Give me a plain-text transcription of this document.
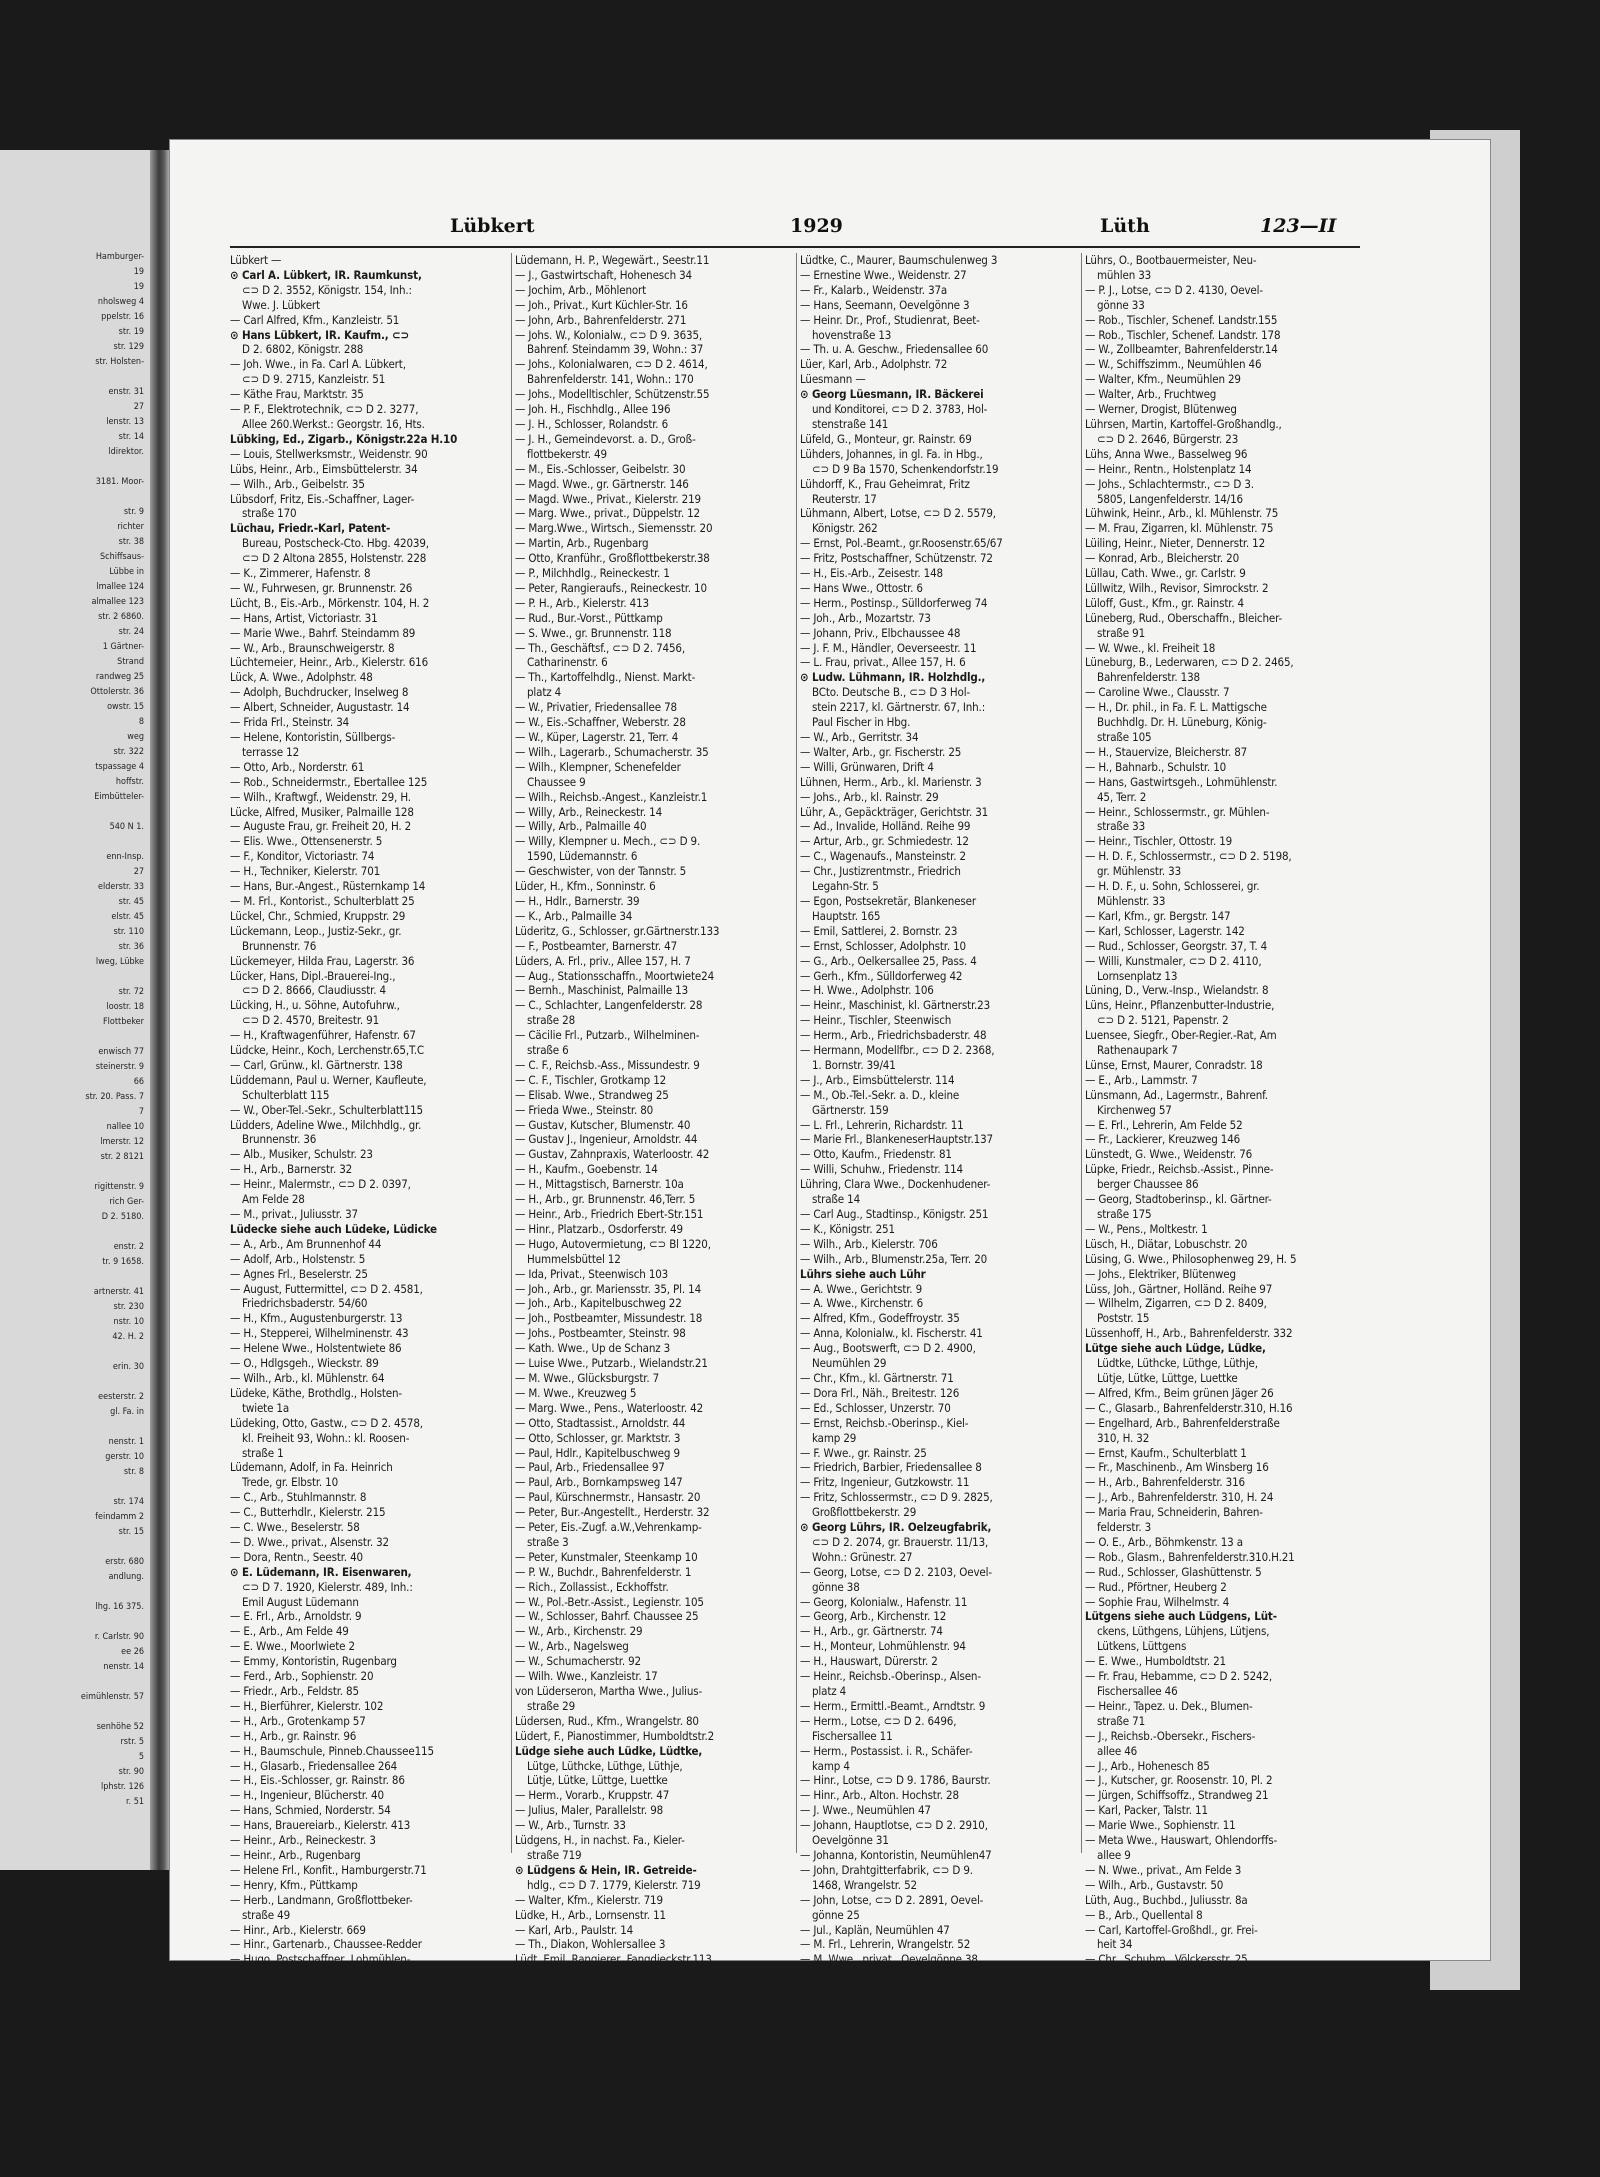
Hamburger-
19
19
nholsweg 4
ppelstr. 16
str. 19
str. 129
str. Holsten-

enstr. 31
27
lenstr. 13
str. 14
ldirektor.

3181. Moor-

str. 9
richter
str. 38
Schiffsaus-
Lübbe in
lmallee 124
almallee 123
str. 2 6860.
str. 24
1 Gärtner-
Strand
randweg 25
Ottolerstr. 36
owstr. 15
8
weg
str. 322
tspassage 4
hoffstr.
Eimbütteler-

540 N 1.

enn-Insp.
27
elderstr. 33
str. 45
elstr. 45
str. 110
str. 36
lweg, Lübke

str. 72
loostr. 18
Flottbeker

enwisch 77
steinerstr. 9
66
str. 20. Pass. 7
7
nallee 10
lmerstr. 12
str. 2 8121

rigittenstr. 9
rich Ger-
D 2. 5180.

enstr. 2
tr. 9 1658.

artnerstr. 41
str. 230
nstr. 10
42. H. 2

erin. 30

eesterstr. 2
gl. Fa. in

nenstr. 1
gerstr. 10
str. 8

str. 174
feindamm 2
str. 15

erstr. 680
andlung.

lhg. 16 375.

r. Carlstr. 90
ee 26
nenstr. 14

eimühlenstr. 57

senhöhe 52
rstr. 5
5
str. 90
lphstr. 126
r. 51
Lübkert	1929	Lüth	123—II
Lübkert —
⊙ Carl A. Lübkert, IR. Raumkunst,
⊂⊃ D 2. 3552, Königstr. 154, Inh.:
Wwe. J. Lübkert
— Carl Alfred, Kfm., Kanzleistr. 51
⊙ Hans Lübkert, IR. Kaufm., ⊂⊃
D 2. 6802, Königstr. 288
— Joh. Wwe., in Fa. Carl A. Lübkert,
⊂⊃ D 9. 2715, Kanzleistr. 51
— Käthe Frau, Marktstr. 35
— P. F., Elektrotechnik, ⊂⊃ D 2. 3277,
Allee 260.Werkst.: Georgstr. 16, Hts.
Lübking, Ed., Zigarb., Königstr.22a H.10
— Louis, Stellwerksmstr., Weidenstr. 90
Lübs, Heinr., Arb., Eimsbüttelerstr. 34
— Wilh., Arb., Geibelstr. 35
Lübsdorf, Fritz, Eis.-Schaffner, Lager-
straße 170
Lüchau, Friedr.-Karl, Patent-
Bureau, Postscheck-Cto. Hbg. 42039,
⊂⊃ D 2 Altona 2855, Holstenstr. 228
— K., Zimmerer, Hafenstr. 8
— W., Fuhrwesen, gr. Brunnenstr. 26
Lücht, B., Eis.-Arb., Mörkenstr. 104, H. 2
— Hans, Artist, Victoriastr. 31
— Marie Wwe., Bahrf. Steindamm 89
— W., Arb., Braunschweigerstr. 8
Lüchtemeier, Heinr., Arb., Kielerstr. 616
Lück, A. Wwe., Adolphstr. 48
— Adolph, Buchdrucker, Inselweg 8
— Albert, Schneider, Augustastr. 14
— Frida Frl., Steinstr. 34
— Helene, Kontoristin, Süllbergs-
terrasse 12
— Otto, Arb., Norderstr. 61
— Rob., Schneidermstr., Ebertallee 125
— Wilh., Kraftwgf., Weidenstr. 29, H.
Lücke, Alfred, Musiker, Palmaille 128
— Auguste Frau, gr. Freiheit 20, H. 2
— Elis. Wwe., Ottensenerstr. 5
— F., Konditor, Victoriastr. 74
— H., Techniker, Kielerstr. 701
— Hans, Bur.-Angest., Rüsternkamp 14
— M. Frl., Kontorist., Schulterblatt 25
Lückel, Chr., Schmied, Kruppstr. 29
Lückemann, Leop., Justiz-Sekr., gr.
Brunnenstr. 76
Lückemeyer, Hilda Frau, Lagerstr. 36
Lücker, Hans, Dipl.-Brauerei-Ing.,
⊂⊃ D 2. 8666, Claudiusstr. 4
Lücking, H., u. Söhne, Autofuhrw.,
⊂⊃ D 2. 4570, Breitestr. 91
— H., Kraftwagenführer, Hafenstr. 67
Lüdcke, Heinr., Koch, Lerchenstr.65,T.C
— Carl, Grünw., kl. Gärtnerstr. 138
Lüddemann, Paul u. Werner, Kaufleute,
Schulterblatt 115
— W., Ober-Tel.-Sekr., Schulterblatt115
Lüdders, Adeline Wwe., Milchhdlg., gr.
Brunnenstr. 36
— Alb., Musiker, Schulstr. 23
— H., Arb., Barnerstr. 32
— Heinr., Malermstr., ⊂⊃ D 2. 0397,
Am Felde 28
— M., privat., Juliusstr. 37
Lüdecke siehe auch Lüdeke, Lüdicke
— A., Arb., Am Brunnenhof 44
— Adolf, Arb., Holstenstr. 5
— Agnes Frl., Beselerstr. 25
— August, Futtermittel, ⊂⊃ D 2. 4581,
Friedrichsbaderstr. 54/60
— H., Kfm., Augustenburgerstr. 13
— H., Stepperei, Wilhelminenstr. 43
— Helene Wwe., Holstentwiete 86
— O., Hdlgsgeh., Wieckstr. 89
— Wilh., Arb., kl. Mühlenstr. 64
Lüdeke, Käthe, Brothdlg., Holsten-
twiete 1a
Lüdeking, Otto, Gastw., ⊂⊃ D 2. 4578,
kl. Freiheit 93, Wohn.: kl. Roosen-
straße 1
Lüdemann, Adolf, in Fa. Heinrich
Trede, gr. Elbstr. 10
— C., Arb., Stuhlmannstr. 8
— C., Butterhdlr., Kielerstr. 215
— C. Wwe., Beselerstr. 58
— D. Wwe., privat., Alsenstr. 32
— Dora, Rentn., Seestr. 40
⊙ E. Lüdemann, IR. Eisenwaren,
⊂⊃ D 7. 1920, Kielerstr. 489, Inh.:
Emil August Lüdemann
— E. Frl., Arb., Arnoldstr. 9
— E., Arb., Am Felde 49
— E. Wwe., Moorlwiete 2
— Emmy, Kontoristin, Rugenbarg
— Ferd., Arb., Sophienstr. 20
— Friedr., Arb., Feldstr. 85
— H., Bierführer, Kielerstr. 102
— H., Arb., Grotenkamp 57
— H., Arb., gr. Rainstr. 96
— H., Baumschule, Pinneb.Chaussee115
— H., Glasarb., Friedensallee 264
— H., Eis.-Schlosser, gr. Rainstr. 86
— H., Ingenieur, Blücherstr. 40
— Hans, Schmied, Norderstr. 54
— Hans, Brauereiarb., Kielerstr. 413
— Heinr., Arb., Reineckestr. 3
— Heinr., Arb., Rugenbarg
— Helene Frl., Konfit., Hamburgerstr.71
— Henry, Kfm., Püttkamp
— Herb., Landmann, Großflottbeker-
straße 49
— Hinr., Arb., Kielerstr. 669
— Hinr., Gartenarb., Chaussee-Redder
— Hugo, Postschaffner, Lohmühlen-
straße 84
Lüdemann, H. P., Wegewärt., Seestr.11
— J., Gastwirtschaft, Hohenesch 34
— Jochim, Arb., Möhlenort
— Joh., Privat., Kurt Küchler-Str. 16
— John, Arb., Bahrenfelderstr. 271
— Johs. W., Kolonialw., ⊂⊃ D 9. 3635,
Bahrenf. Steindamm 39, Wohn.: 37
— Johs., Kolonialwaren, ⊂⊃ D 2. 4614,
Bahrenfelderstr. 141, Wohn.: 170
— Johs., Modelltischler, Schützenstr.55
— Joh. H., Fischhdlg., Allee 196
— J. H., Schlosser, Rolandstr. 6
— J. H., Gemeindevorst. a. D., Groß-
flottbekerstr. 49
— M., Eis.-Schlosser, Geibelstr. 30
— Magd. Wwe., gr. Gärtnerstr. 146
— Magd. Wwe., Privat., Kielerstr. 219
— Marg. Wwe., privat., Düppelstr. 12
— Marg.Wwe., Wirtsch., Siemensstr. 20
— Martin, Arb., Rugenbarg
— Otto, Kranführ., Großflottbekerstr.38
— P., Milchhdlg., Reineckestr. 1
— Peter, Rangieraufs., Reineckestr. 10
— P. H., Arb., Kielerstr. 413
— Rud., Bur.-Vorst., Püttkamp
— S. Wwe., gr. Brunnenstr. 118
— Th., Geschäftsf., ⊂⊃ D 2. 7456,
Catharinenstr. 6
— Th., Kartoffelhdlg., Nienst. Markt-
platz 4
— W., Privatier, Friedensallee 78
— W., Eis.-Schaffner, Weberstr. 28
— W., Küper, Lagerstr. 21, Terr. 4
— Wilh., Lagerarb., Schumacherstr. 35
— Wilh., Klempner, Schenefelder
Chaussee 9
— Wilh., Reichsb.-Angest., Kanzleistr.1
— Willy, Arb., Reineckestr. 14
— Willy, Arb., Palmaille 40
— Willy, Klempner u. Mech., ⊂⊃ D 9.
1590, Lüdemannstr. 6
— Geschwister, von der Tannstr. 5
Lüder, H., Kfm., Sonninstr. 6
— H., Hdlr., Barnerstr. 39
— K., Arb., Palmaille 34
Lüderitz, G., Schlosser, gr.Gärtnerstr.133
— F., Postbeamter, Barnerstr. 47
Lüders, A. Frl., priv., Allee 157, H. 7
— Aug., Stationsschaffn., Moortwiete24
— Bernh., Maschinist, Palmaille 13
— C., Schlachter, Langenfelderstr. 28
straße 28
— Cäcilie Frl., Putzarb., Wilhelminen-
straße 6
— C. F., Reichsb.-Ass., Missundestr. 9
— C. F., Tischler, Grotkamp 12
— Elisab. Wwe., Strandweg 25
— Frieda Wwe., Steinstr. 80
— Gustav, Kutscher, Blumenstr. 40
— Gustav J., Ingenieur, Arnoldstr. 44
— Gustav, Zahnpraxis, Waterloostr. 42
— H., Kaufm., Goebenstr. 14
— H., Mittagstisch, Barnerstr. 10a
— H., Arb., gr. Brunnenstr. 46,Terr. 5
— Heinr., Arb., Friedrich Ebert-Str.151
— Hinr., Platzarb., Osdorferstr. 49
— Hugo, Autovermietung, ⊂⊃ Bl 1220,
Hummelsbüttel 12
— Ida, Privat., Steenwisch 103
— Joh., Arb., gr. Mariensstr. 35, Pl. 14
— Joh., Arb., Kapitelbuschweg 22
— Joh., Postbeamter, Missundestr. 18
— Johs., Postbeamter, Steinstr. 98
— Kath. Wwe., Up de Schanz 3
— Luise Wwe., Putzarb., Wielandstr.21
— M. Wwe., Glücksburgstr. 7
— M. Wwe., Kreuzweg 5
— Marg. Wwe., Pens., Waterloostr. 42
— Otto, Stadtassist., Arnoldstr. 44
— Otto, Schlosser, gr. Marktstr. 3
— Paul, Hdlr., Kapitelbuschweg 9
— Paul, Arb., Friedensallee 97
— Paul, Arb., Bornkampsweg 147
— Paul, Kürschnermstr., Hansastr. 20
— Peter, Bur.-Angestellt., Herderstr. 32
— Peter, Eis.-Zugf. a.W.,Vehrenkamp-
straße 3
— Peter, Kunstmaler, Steenkamp 10
— P. W., Buchdr., Bahrenfelderstr. 1
— Rich., Zollassist., Eckhoffstr.
— W., Pol.-Betr.-Assist., Legienstr. 105
— W., Schlosser, Bahrf. Chaussee 25
— W., Arb., Kirchenstr. 29
— W., Arb., Nagelsweg
— W., Schumacherstr. 92
— Wilh. Wwe., Kanzleistr. 17
von Lüderseron, Martha Wwe., Julius-
straße 29
Lüdersen, Rud., Kfm., Wrangelstr. 80
Lüdert, F., Pianostimmer, Humboldtstr.2
Lüdge siehe auch Lüdke, Lüdtke,
Lütge, Lüthcke, Lüthge, Lüthje,
Lütje, Lütke, Lüttge, Luettke
— Herm., Vorarb., Kruppstr. 47
— Julius, Maler, Parallelstr. 98
— W., Arb., Turnstr. 33
Lüdgens, H., in nachst. Fa., Kieler-
straße 719
⊙ Lüdgens & Hein, IR. Getreide-
hdlg., ⊂⊃ D 7. 1779, Kielerstr. 719
— Walter, Kfm., Kielerstr. 719
Lüdke, H., Arb., Lornsenstr. 11
— Karl, Arb., Paulstr. 14
— Th., Diakon, Wohlersallee 3
Lüdt, Emil, Rangierer, Fangdieckstr.113
Lüdtke, A., Lokomotivf., Herderstr. 4
— C., Eis.-Beamter, Gerichtstr. 10
Lüdtke, C., Maurer, Baumschulenweg 3
— Ernestine Wwe., Weidenstr. 27
— Fr., Kalarb., Weidenstr. 37a
— Hans, Seemann, Oevelgönne 3
— Heinr. Dr., Prof., Studienrat, Beet-
hovenstraße 13
— Th. u. A. Geschw., Friedensallee 60
Lüer, Karl, Arb., Adolphstr. 72
Lüesmann —
⊙ Georg Lüesmann, IR. Bäckerei
und Konditorei, ⊂⊃ D 2. 3783, Hol-
stenstraße 141
Lüfeld, G., Monteur, gr. Rainstr. 69
Lühders, Johannes, in gl. Fa. in Hbg.,
⊂⊃ D 9 Ba 1570, Schenkendorfstr.19
Lühdorff, K., Frau Geheimrat, Fritz
Reuterstr. 17
Lühmann, Albert, Lotse, ⊂⊃ D 2. 5579,
Königstr. 262
— Ernst, Pol.-Beamt., gr.Roosenstr.65/67
— Fritz, Postschaffner, Schützenstr. 72
— H., Eis.-Arb., Zeisestr. 148
— Hans Wwe., Ottostr. 6
— Herm., Postinsp., Sülldorferweg 74
— Joh., Arb., Mozartstr. 73
— Johann, Priv., Elbchaussee 48
— J. F. M., Händler, Oeverseestr. 11
— L. Frau, privat., Allee 157, H. 6
⊙ Ludw. Lühmann, IR. Holzhdlg.,
BCto. Deutsche B., ⊂⊃ D 3 Hol-
stein 2217, kl. Gärtnerstr. 67, Inh.:
Paul Fischer in Hbg.
— W., Arb., Gerritstr. 34
— Walter, Arb., gr. Fischerstr. 25
— Willi, Grünwaren, Drift 4
Lühnen, Herm., Arb., kl. Marienstr. 3
— Johs., Arb., kl. Rainstr. 29
Lühr, A., Gepäckträger, Gerichtstr. 31
— Ad., Invalide, Holländ. Reihe 99
— Artur, Arb., gr. Schmiedestr. 12
— C., Wagenaufs., Mansteinstr. 2
— Chr., Justizrentmstr., Friedrich
Legahn-Str. 5
— Egon, Postsekretär, Blankeneser
Hauptstr. 165
— Emil, Sattlerei, 2. Bornstr. 23
— Ernst, Schlosser, Adolphstr. 10
— G., Arb., Oelkersallee 25, Pass. 4
— Gerh., Kfm., Sülldorferweg 42
— H. Wwe., Adolphstr. 106
— Heinr., Maschinist, kl. Gärtnerstr.23
— Heinr., Tischler, Steenwisch
— Herm., Arb., Friedrichsbaderstr. 48
— Hermann, Modellfbr., ⊂⊃ D 2. 2368,
1. Bornstr. 39/41
— J., Arb., Eimsbüttelerstr. 114
— M., Ob.-Tel.-Sekr. a. D., kleine
Gärtnerstr. 159
— L. Frl., Lehrerin, Richardstr. 11
— Marie Frl., BlankeneserHauptstr.137
— Otto, Kaufm., Friedenstr. 81
— Willi, Schuhw., Friedenstr. 114
Lühring, Clara Wwe., Dockenhudener-
straße 14
— Carl Aug., Stadtinsp., Königstr. 251
— K., Königstr. 251
— Wilh., Arb., Kielerstr. 706
— Wilh., Arb., Blumenstr.25a, Terr. 20
Lührs siehe auch Lühr
— A. Wwe., Gerichtstr. 9
— A. Wwe., Kirchenstr. 6
— Alfred, Kfm., Godeffroystr. 35
— Anna, Kolonialw., kl. Fischerstr. 41
— Aug., Bootswerft, ⊂⊃ D 2. 4900,
Neumühlen 29
— Chr., Kfm., kl. Gärtnerstr. 71
— Dora Frl., Näh., Breitestr. 126
— Ed., Schlosser, Unzerstr. 70
— Ernst, Reichsb.-Oberinsp., Kiel-
kamp 29
— F. Wwe., gr. Rainstr. 25
— Friedrich, Barbier, Friedensallee 8
— Fritz, Ingenieur, Gutzkowstr. 11
— Fritz, Schlossermstr., ⊂⊃ D 9. 2825,
Großflottbekerstr. 29
⊙ Georg Lührs, IR. Oelzeugfabrik,
⊂⊃ D 2. 2074, gr. Brauerstr. 11/13,
Wohn.: Grünestr. 27
— Georg, Lotse, ⊂⊃ D 2. 2103, Oevel-
gönne 38
— Georg, Kolonialw., Hafenstr. 11
— Georg, Arb., Kirchenstr. 12
— H., Arb., gr. Gärtnerstr. 74
— H., Monteur, Lohmühlenstr. 94
— H., Hauswart, Dürerstr. 2
— Heinr., Reichsb.-Oberinsp., Alsen-
platz 4
— Herm., Ermittl.-Beamt., Arndtstr. 9
— Herm., Lotse, ⊂⊃ D 2. 6496,
Fischersallee 11
— Herm., Postassist. i. R., Schäfer-
kamp 4
— Hinr., Lotse, ⊂⊃ D 9. 1786, Baurstr.
— Hinr., Arb., Alton. Hochstr. 28
— J. Wwe., Neumühlen 47
— Johann, Hauptlotse, ⊂⊃ D 2. 2910,
Oevelgönne 31
— Johanna, Kontoristin, Neumühlen47
— John, Drahtgitterfabrik, ⊂⊃ D 9.
1468, Wrangelstr. 52
— John, Lotse, ⊂⊃ D 2. 2891, Oevel-
gönne 25
— Jul., Kaplän, Neumühlen 47
— M. Frl., Lehrerin, Wrangelstr. 52
— M. Wwe., privat., Oevelgönne 38
— Max, Bootbauerei, Oevelgönne 62
Lührs, O., Bootbauermeister, Neu-
mühlen 33
— P. J., Lotse, ⊂⊃ D 2. 4130, Oevel-
gönne 33
— Rob., Tischler, Schenef. Landstr.155
— Rob., Tischler, Schenef. Landstr. 178
— W., Zollbeamter, Bahrenfelderstr.14
— W., Schiffszimm., Neumühlen 46
— Walter, Kfm., Neumühlen 29
— Walter, Arb., Fruchtweg
— Werner, Drogist, Blütenweg
Lührsen, Martin, Kartoffel-Großhandlg.,
⊂⊃ D 2. 2646, Bürgerstr. 23
Lühs, Anna Wwe., Basselweg 96
— Heinr., Rentn., Holstenplatz 14
— Johs., Schlachtermstr., ⊂⊃ D 3.
5805, Langenfelderstr. 14/16
Lühwink, Heinr., Arb., kl. Mühlenstr. 75
— M. Frau, Zigarren, kl. Mühlenstr. 75
Lüiling, Heinr., Nieter, Dennerstr. 12
— Konrad, Arb., Bleicherstr. 20
Lüllau, Cath. Wwe., gr. Carlstr. 9
Lüllwitz, Wilh., Revisor, Simrockstr. 2
Lüloff, Gust., Kfm., gr. Rainstr. 4
Lüneberg, Rud., Oberschaffn., Bleicher-
straße 91
— W. Wwe., kl. Freiheit 18
Lüneburg, B., Lederwaren, ⊂⊃ D 2. 2465,
Bahrenfelderstr. 138
— Caroline Wwe., Clausstr. 7
— H., Dr. phil., in Fa. F. L. Mattigsche
Buchhdlg. Dr. H. Lüneburg, König-
straße 105
— H., Stauervize, Bleicherstr. 87
— H., Bahnarb., Schulstr. 10
— Hans, Gastwirtsgeh., Lohmühlenstr.
45, Terr. 2
— Heinr., Schlossermstr., gr. Mühlen-
straße 33
— Heinr., Tischler, Ottostr. 19
— H. D. F., Schlossermstr., ⊂⊃ D 2. 5198,
gr. Mühlenstr. 33
— H. D. F., u. Sohn, Schlosserei, gr.
Mühlenstr. 33
— Karl, Kfm., gr. Bergstr. 147
— Karl, Schlosser, Lagerstr. 142
— Rud., Schlosser, Georgstr. 37, T. 4
— Willi, Kunstmaler, ⊂⊃ D 2. 4110,
Lornsenplatz 13
Lüning, D., Verw.-Insp., Wielandstr. 8
Lüns, Heinr., Pflanzenbutter-Industrie,
⊂⊃ D 2. 5121, Papenstr. 2
Luensee, Siegfr., Ober-Regier.-Rat, Am
Rathenaupark 7
Lünse, Ernst, Maurer, Conradstr. 18
— E., Arb., Lammstr. 7
Lünsmann, Ad., Lagermstr., Bahrenf.
Kirchenweg 57
— E. Frl., Lehrerin, Am Felde 52
— Fr., Lackierer, Kreuzweg 146
Lünstedt, G. Wwe., Weidenstr. 76
Lüpke, Friedr., Reichsb.-Assist., Pinne-
berger Chaussee 86
— Georg, Stadtoberinsp., kl. Gärtner-
straße 175
— W., Pens., Moltkestr. 1
Lüsch, H., Diätar, Lobuschstr. 20
Lüsing, G. Wwe., Philosophenweg 29, H. 5
— Johs., Elektriker, Blütenweg
Lüss, Joh., Gärtner, Holländ. Reihe 97
— Wilhelm, Zigarren, ⊂⊃ D 2. 8409,
Poststr. 15
Lüssenhoff, H., Arb., Bahrenfelderstr. 332
Lütge siehe auch Lüdge, Lüdke,
Lüdtke, Lüthcke, Lüthge, Lüthje,
Lütje, Lütke, Lüttge, Luettke
— Alfred, Kfm., Beim grünen Jäger 26
— C., Glasarb., Bahrenfelderstr.310, H.16
— Engelhard, Arb., Bahrenfelderstraße
310, H. 32
— Ernst, Kaufm., Schulterblatt 1
— Fr., Maschinenb., Am Winsberg 16
— H., Arb., Bahrenfelderstr. 316
— J., Arb., Bahrenfelderstr. 310, H. 24
— Maria Frau, Schneiderin, Bahren-
felderstr. 3
— O. E., Arb., Böhmkenstr. 13 a
— Rob., Glasm., Bahrenfelderstr.310.H.21
— Rud., Schlosser, Glashüttenstr. 5
— Rud., Pförtner, Heuberg 2
— Sophie Frau, Wilhelmstr. 4
Lütgens siehe auch Lüdgens, Lüt-
ckens, Lüthgens, Lühjens, Lütjens,
Lütkens, Lüttgens
— E. Wwe., Humboldtstr. 21
— Fr. Frau, Hebamme, ⊂⊃ D 2. 5242,
Fischersallee 46
— Heinr., Tapez. u. Dek., Blumen-
straße 71
— J., Reichsb.-Obersekr., Fischers-
allee 46
— J., Arb., Hohenesch 85
— J., Kutscher, gr. Roosenstr. 10, Pl. 2
— Jürgen, Schiffsoffz., Strandweg 21
— Karl, Packer, Talstr. 11
— Marie Wwe., Sophienstr. 11
— Meta Wwe., Hauswart, Ohlendorffs-
allee 9
— N. Wwe., privat., Am Felde 3
— Wilh., Arb., Gustavstr. 50
Lüth, Aug., Buchbd., Juliusstr. 8a
— B., Arb., Quellental 8
— Carl, Kartoffel-Großhdl., gr. Frei-
heit 34
— Chr., Schuhm., Völckersstr. 25
— Dorothea Wwe., Gerberstr. 36
